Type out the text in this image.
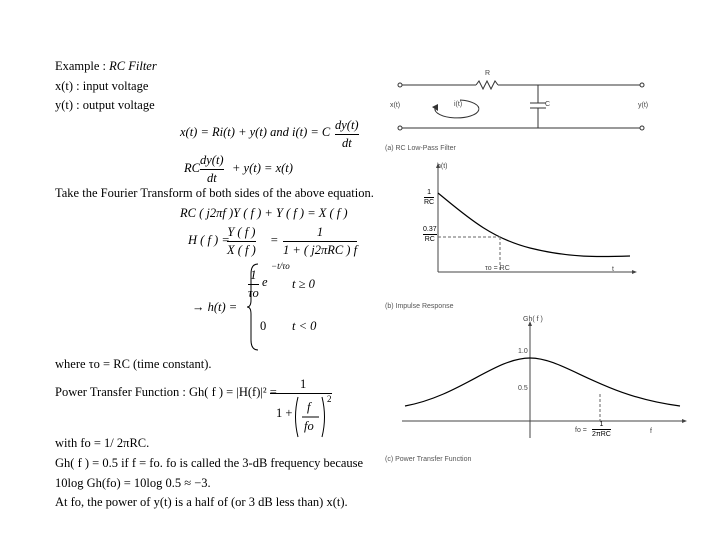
Example : RC Filter
x(t) : input voltage
y(t) : output voltage
x(t) = Ri(t) + y(t) and i(t) = C dy(t)
dt
RC
dy(t)
dt
+ y(t) = x(t)
Take the Fourier Transform of both sides of the above equation.
RC ( j2πf )Y ( f ) + Y ( f ) = X ( f )
H ( f ) =
Y ( f )
X ( f )
=
1
1 + ( j2πRC ) f
→ h(t) =
1
τo
e
−t/τo
t ≥ 0
0 t < 0
where τo = RC (time constant).
Power Transfer Function : Gh( f ) = |H(f)|² =
1
1 + f
fo
2
with fo = 1/ 2πRC.
Gh( f ) = 0.5 if f = fo. fo is called the 3-dB frequency because
10log Gh(fo) = 10log 0.5 ≈ −3.
At fo, the power of y(t) is a half of (or 3 dB less than) x(t).
R
C
x(t)	i(t)	y(t)
(a) RC Low-Pass Filter
h(t)
1
RC
0.37
RC
τo = RC	t
(b) Impulse Response
Gh( f )
1.0
0.5
fo =
1
2πRC	f
(c) Power Transfer Function
